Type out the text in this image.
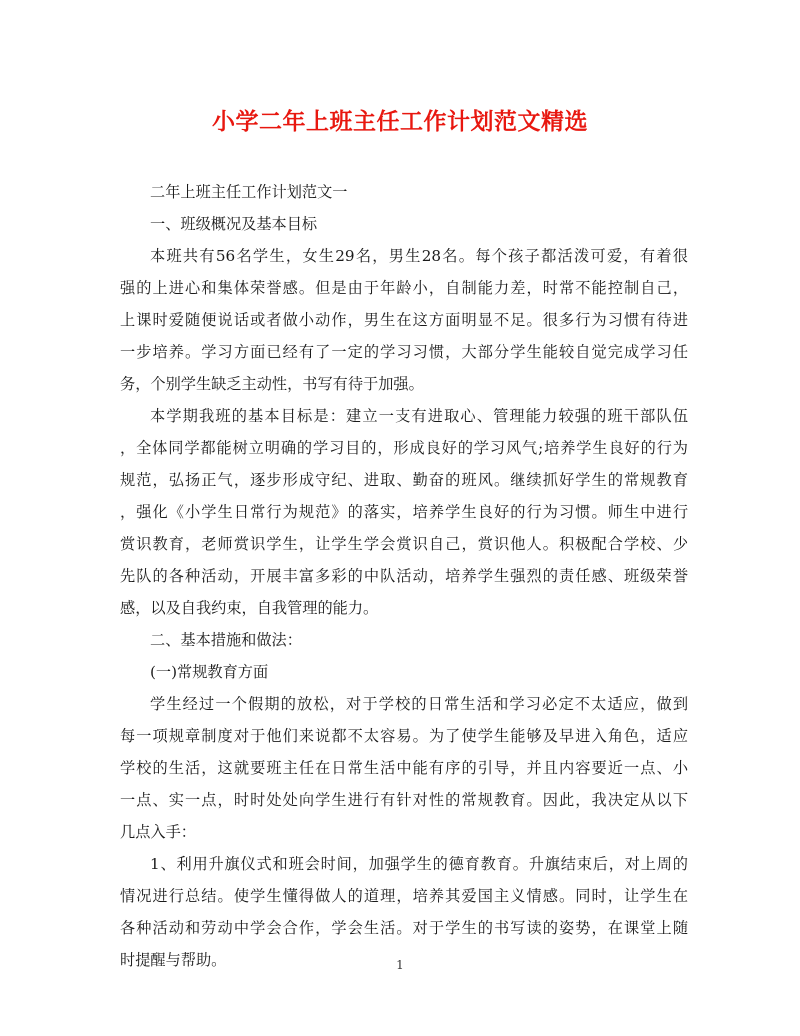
小学二年上班主任工作计划范文精选

二年上班主任工作计划范文一

一、班级概况及基本目标

本班共有56名学生，女生29名，男生28名。每个孩子都活泼可爱，有着很

强的上进心和集体荣誉感。但是由于年龄小，自制能力差，时常不能控制自己，

上课时爱随便说话或者做小动作，男生在这方面明显不足。很多行为习惯有待进

一步培养。学习方面已经有了一定的学习习惯，大部分学生能较自觉完成学习任

务，个别学生缺乏主动性，书写有待于加强。

本学期我班的基本目标是：建立一支有进取心、管理能力较强的班干部队伍

，全体同学都能树立明确的学习目的，形成良好的学习风气;培养学生良好的行为

规范，弘扬正气，逐步形成守纪、进取、勤奋的班风。继续抓好学生的常规教育

，强化《小学生日常行为规范》的落实，培养学生良好的行为习惯。师生中进行

赏识教育，老师赏识学生，让学生学会赏识自己，赏识他人。积极配合学校、少

先队的各种活动，开展丰富多彩的中队活动，培养学生强烈的责任感、班级荣誉

感，以及自我约束，自我管理的能力。

二、基本措施和做法：

(一)常规教育方面

学生经过一个假期的放松，对于学校的日常生活和学习必定不太适应，做到

每一项规章制度对于他们来说都不太容易。为了使学生能够及早进入角色，适应

学校的生活，这就要班主任在日常生活中能有序的引导，并且内容要近一点、小

一点、实一点，时时处处向学生进行有针对性的常规教育。因此，我决定从以下

几点入手：

1、利用升旗仪式和班会时间，加强学生的德育教育。升旗结束后，对上周的

情况进行总结。使学生懂得做人的道理，培养其爱国主义情感。同时，让学生在

各种活动和劳动中学会合作，学会生活。对于学生的书写读的姿势，在课堂上随

时提醒与帮助。	1
